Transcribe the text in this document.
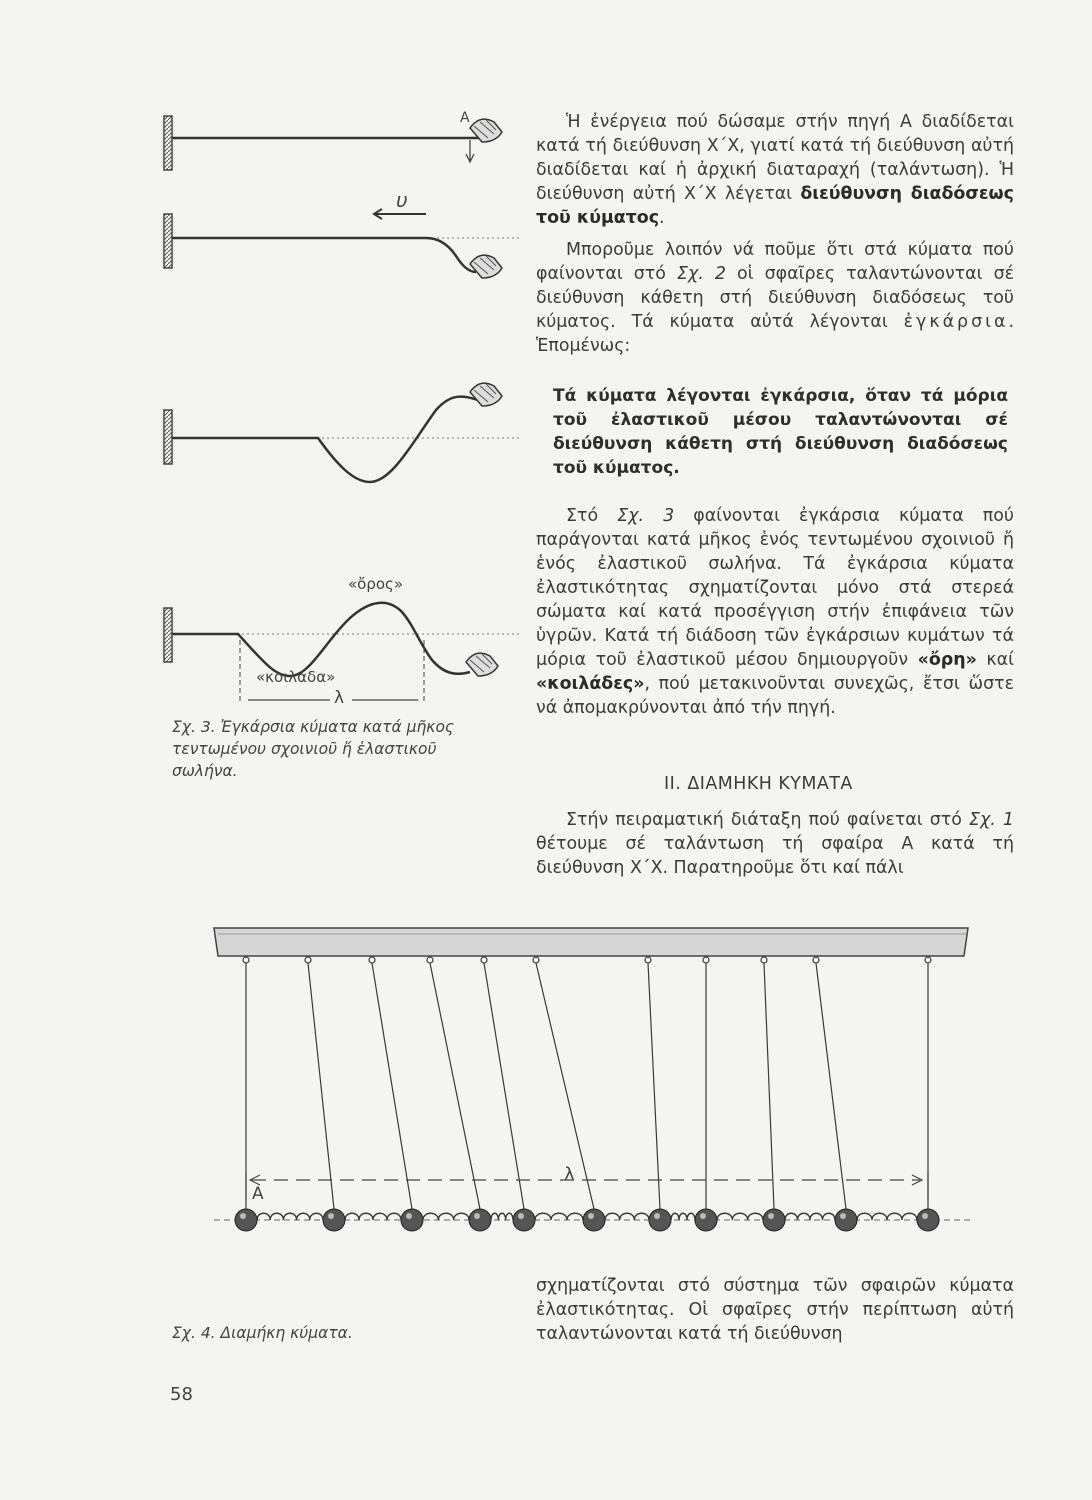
Α
υ
«ὄρος»
«κοιλάδα»
λ
Σχ. 3. Ἐγκάρσια κύματα κατά μῆκος τεντωμένου σχοινιοῦ ἤ ἐλαστικοῦ σωλήνα.

Ἡ ἐνέργεια πού δώσαμε στήν πηγή Α διαδίδεται κατά τή διεύθυνση Χ΄Χ, γιατί κατά τή διεύθυνση αὐτή διαδίδεται καί ἡ ἀρχική διαταραχή (ταλάντωση). Ἡ διεύθυνση αὐτή Χ΄Χ λέγεται διεύθυνση διαδόσεως τοῦ κύματος.

Μποροῦμε λοιπόν νά ποῦμε ὅτι στά κύματα πού φαίνονται στό Σχ. 2 οἱ σφαῖρες ταλαντώνονται σέ διεύθυνση κάθετη στή διεύθυνση διαδόσεως τοῦ κύματος. Τά κύματα αὐτά λέγονται ἐγκάρσια. Ἑπομένως:

Τά κύματα λέγονται ἐγκάρσια, ὅταν τά μόρια τοῦ ἐλαστικοῦ μέσου ταλαντώνονται σέ διεύθυνση κάθετη στή διεύθυνση διαδόσεως τοῦ κύματος.

Στό Σχ. 3 φαίνονται ἐγκάρσια κύματα πού παράγονται κατά μῆκος ἑνός τεντωμένου σχοινιοῦ ἤ ἑνός ἐλαστικοῦ σωλήνα. Τά ἐγκάρσια κύματα ἐλαστικότητας σχηματίζονται μόνο στά στερεά σώματα καί κατά προσέγγιση στήν ἐπιφάνεια τῶν ὑγρῶν. Κατά τή διάδοση τῶν ἐγκάρσιων κυμάτων τά μόρια τοῦ ἐλαστικοῦ μέσου δημιουργοῦν «ὄρη» καί «κοιλάδες», πού μετακινοῦνται συνεχῶς, ἔτσι ὥστε νά ἀπομακρύνονται ἀπό τήν πηγή.

II. ΔΙΑΜΗΚΗ ΚΥΜΑΤΑ

Στήν πειραματική διάταξη πού φαίνεται στό Σχ. 1 θέτουμε σέ ταλάντωση τή σφαίρα Α κατά τή διεύθυνση Χ΄Χ. Παρατηροῦμε ὅτι καί πάλι

Α
λ

σχηματίζονται στό σύστημα τῶν σφαιρῶν κύματα ἐλαστικότητας. Οἱ σφαῖρες στήν περίπτωση αὐτή ταλαντώνονται κατά τή διεύθυνση

Σχ. 4. Διαμήκη κύματα.
58
